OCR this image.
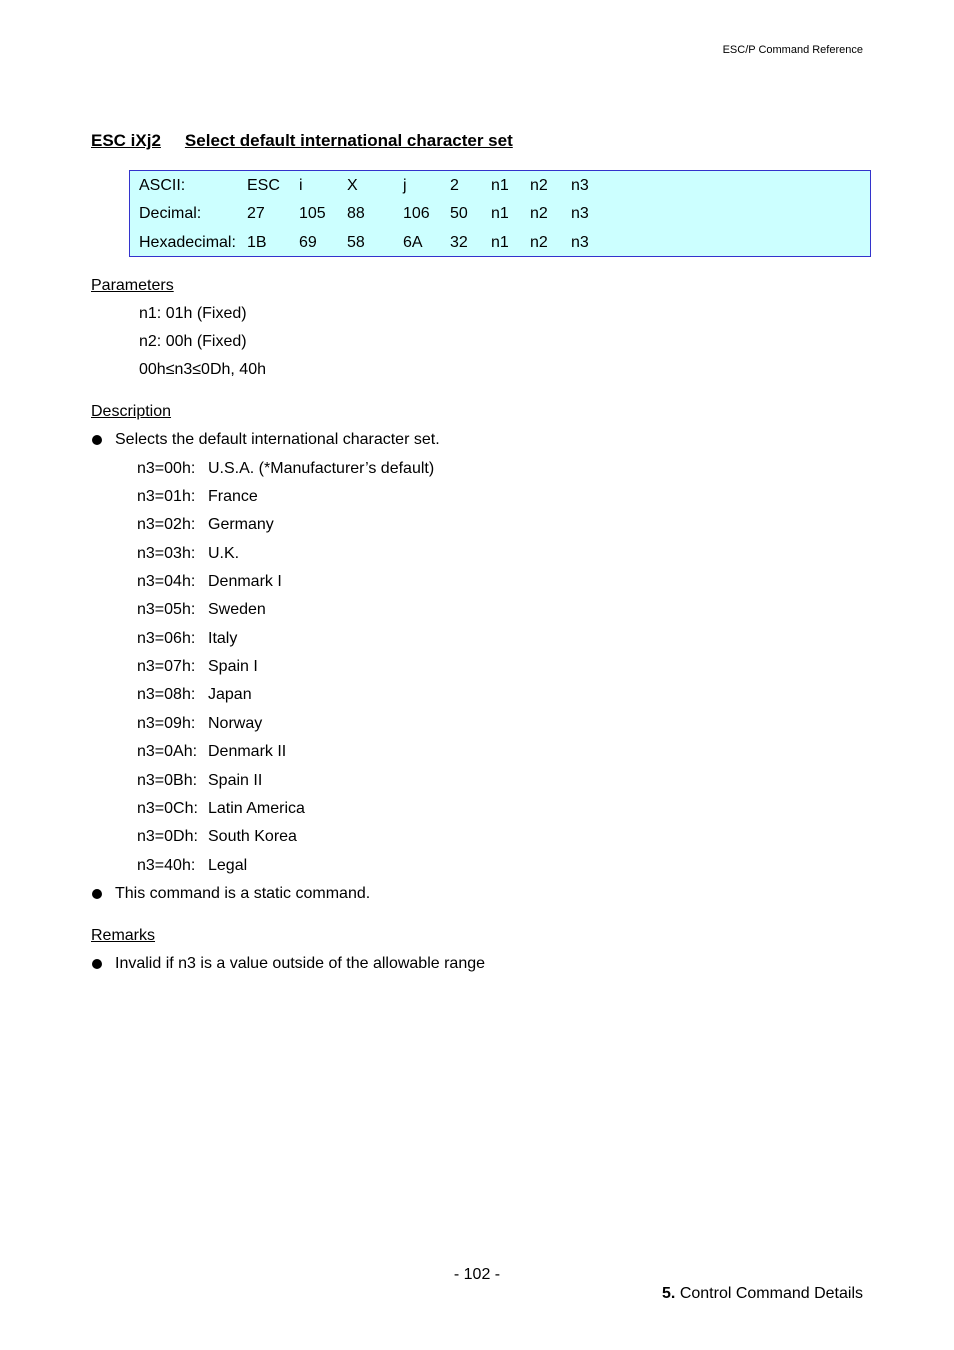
ESC/P Command Reference
ESC iXj2 Select default international character set
ASCII:	ESC i	X	j	2 n1 n2 n3
Decimal:	27 105 88 106 50 n1 n2 n3
Hexadecimal: 1B 69 58 6A 32 n1 n2 n3
Parameters
n1: 01h (Fixed)
n2: 00h (Fixed)
00h≤n3≤0Dh, 40h
Description
Selects the default international character set.
n3=00h: U.S.A. (*Manufacturer’s default)
n3=01h: France
n3=02h: Germany
n3=03h: U.K.
n3=04h: Denmark I
n3=05h: Sweden
n3=06h: Italy
n3=07h: Spain I
n3=08h: Japan
n3=09h: Norway
n3=0Ah: Denmark II
n3=0Bh: Spain II
n3=0Ch: Latin America
n3=0Dh: South Korea
n3=40h: Legal
This command is a static command.
Remarks
Invalid if n3 is a value outside of the allowable range
- 102 -
5. Control Command Details
